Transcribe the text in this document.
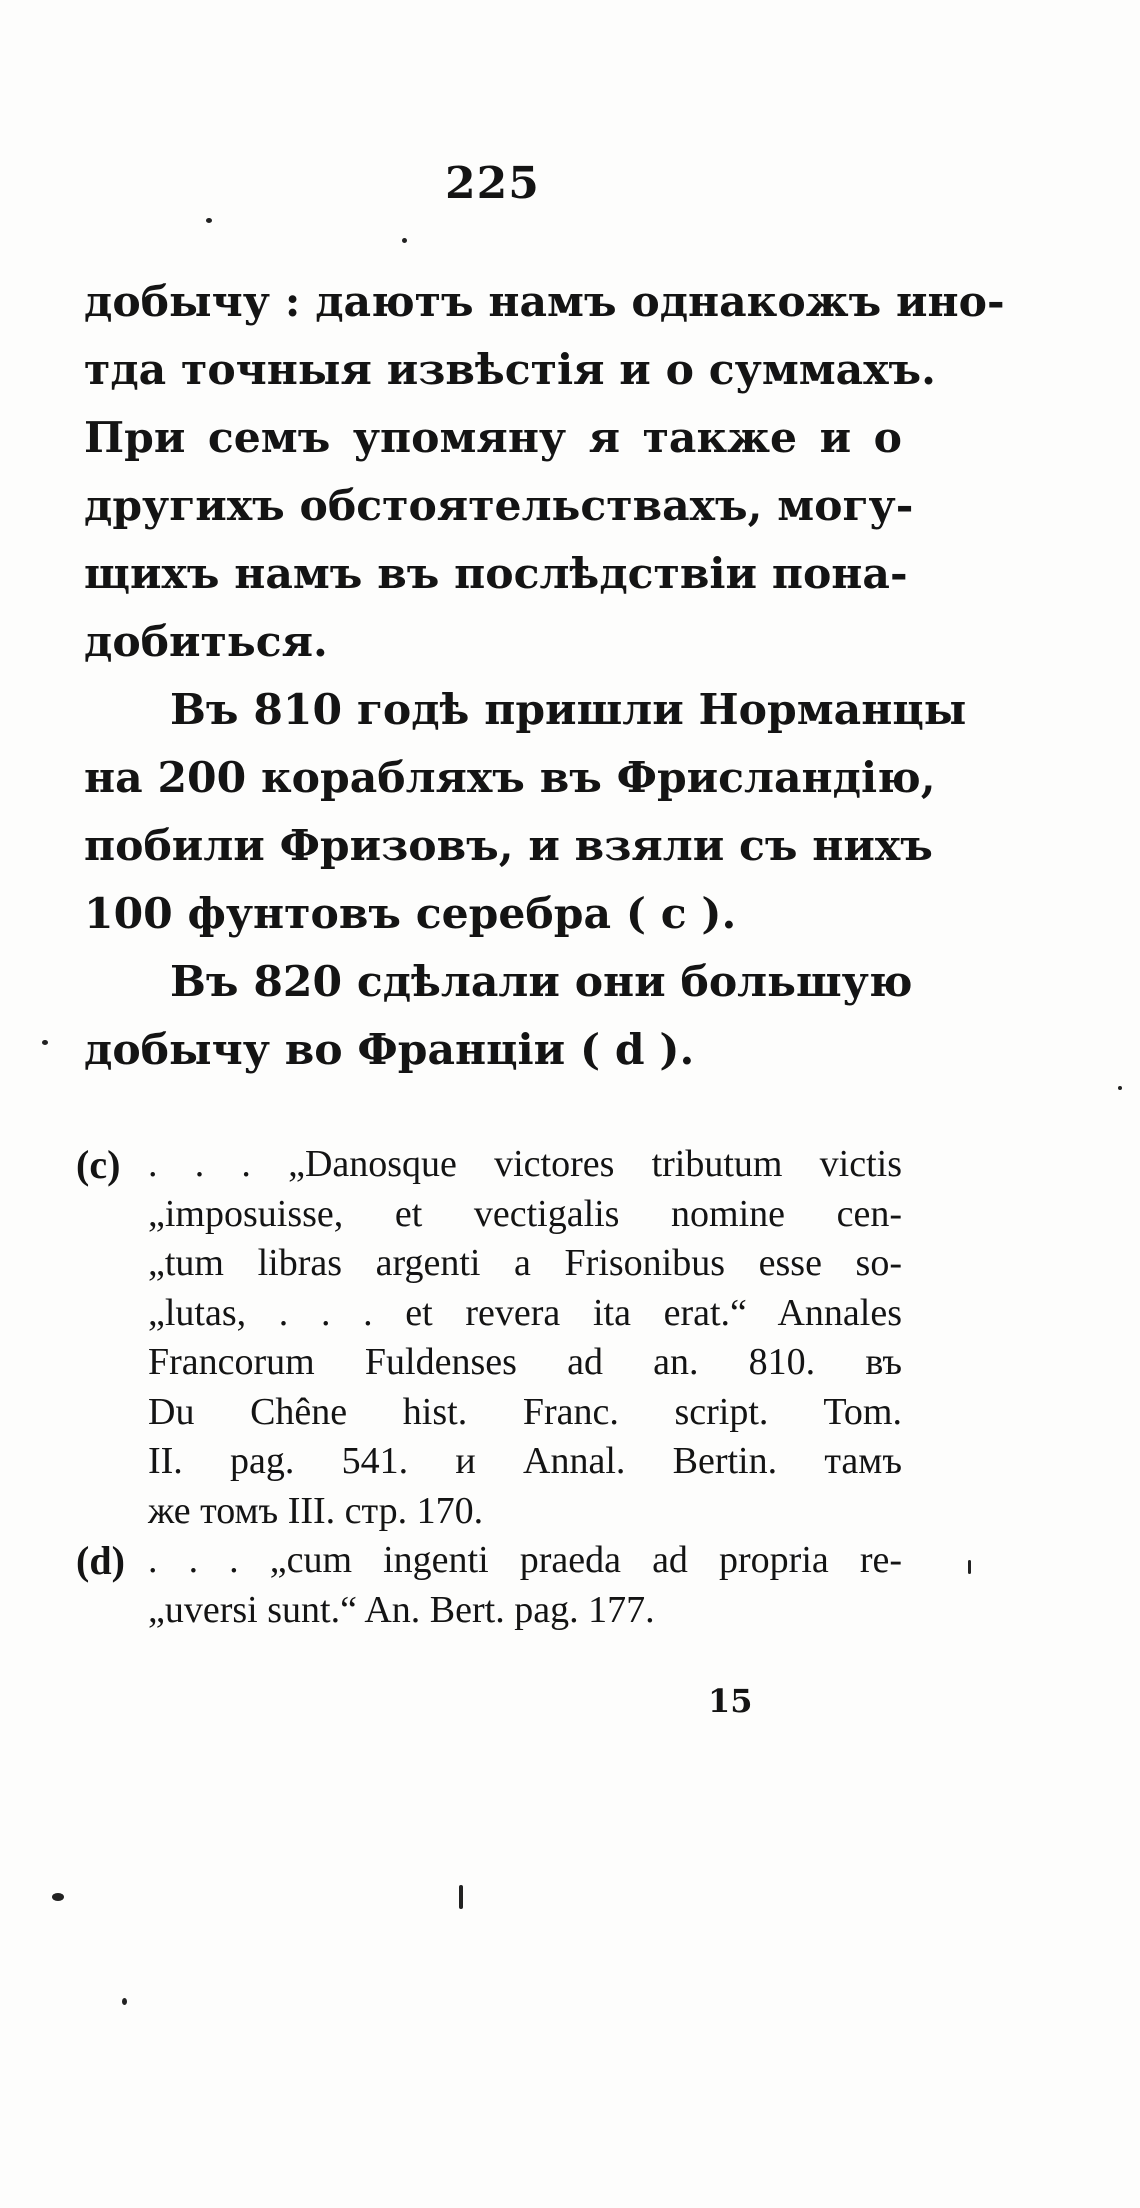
225
добычу : даютъ намъ однакожъ ино-
тда точныя извѣстія и о суммахъ.
При семъ упомяну я также и о
другихъ обстоятельствахъ, могу-
щихъ намъ въ послѣдствіи пона-
добиться.
Въ 810 годѣ пришли Норманцы
на 200 корабляхъ въ Фрисландію,
побили Фризовъ, и взяли съ нихъ
100 фунтовъ серебра ( c ).
Въ 820 сдѣлали они большую
добычу во Франціи ( d ).
(c) . . . „Danosque victores tributum victis
„imposuisse, et vectigalis nomine cen-
„tum libras argenti a Frisonibus esse so-
„lutas, . . . et revera ita erat.“ Annales
Francorum Fuldenses ad an. 810. въ
Du Chêne hist. Franc. script. Tom.
II. pag. 541. и Annal. Bertin. тамъ
же томъ III. стр. 170.
(d) . . . „cum ingenti praeda ad propria re-
„uversi sunt.“ An. Bert. pag. 177.
15
